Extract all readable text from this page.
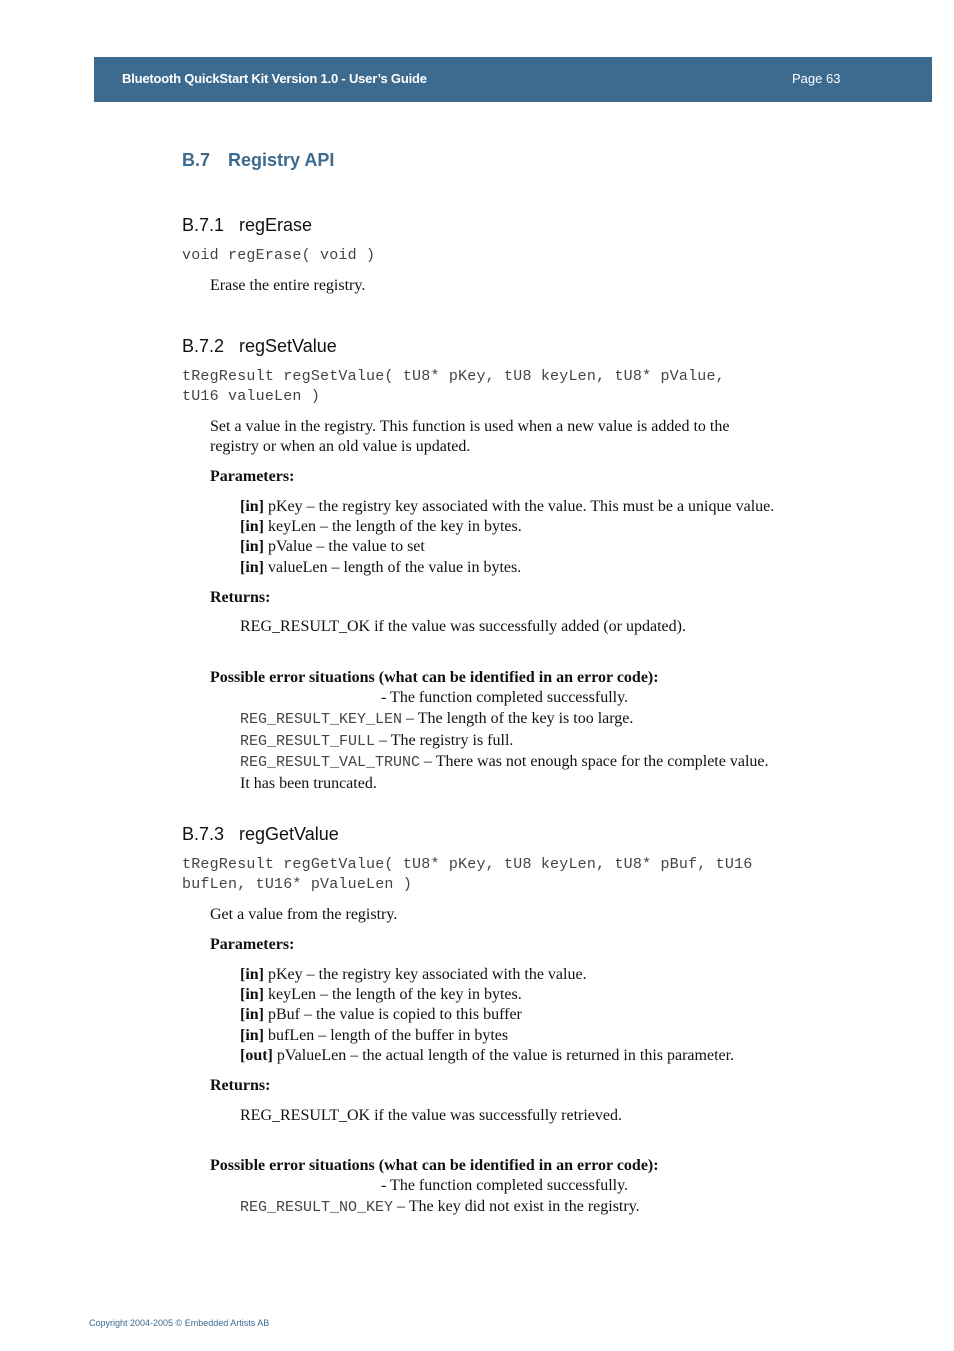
Bluetooth QuickStart Kit Version 1.0 - User’s Guide	Page 63
B.7 Registry API
B.7.1 regErase
void regErase( void )
Erase the entire registry.
B.7.2 regSetValue
tRegResult regSetValue( tU8* pKey, tU8 keyLen, tU8* pValue,
tU16 valueLen )
Set a value in the registry. This function is used when a new value is added to the
registry or when an old value is updated.
Parameters:
[in] pKey – the registry key associated with the value. This must be a unique value.
[in] keyLen – the length of the key in bytes.
[in] pValue – the value to set
[in] valueLen – length of the value in bytes.
Returns:
REG_RESULT_OK if the value was successfully added (or updated).
Possible error situations (what can be identified in an error code):
- The function completed successfully.
REG_RESULT_KEY_LEN – The length of the key is too large.
REG_RESULT_FULL – The registry is full.
REG_RESULT_VAL_TRUNC – There was not enough space for the complete value.
It has been truncated.
B.7.3 regGetValue
tRegResult regGetValue( tU8* pKey, tU8 keyLen, tU8* pBuf, tU16
bufLen, tU16* pValueLen )
Get a value from the registry.
Parameters:
[in] pKey – the registry key associated with the value.
[in] keyLen – the length of the key in bytes.
[in] pBuf – the value is copied to this buffer
[in] bufLen – length of the buffer in bytes
[out] pValueLen – the actual length of the value is returned in this parameter.
Returns:
REG_RESULT_OK if the value was successfully retrieved.
Possible error situations (what can be identified in an error code):
- The function completed successfully.
REG_RESULT_NO_KEY – The key did not exist in the registry.
Copyright 2004-2005 © Embedded Artists AB
